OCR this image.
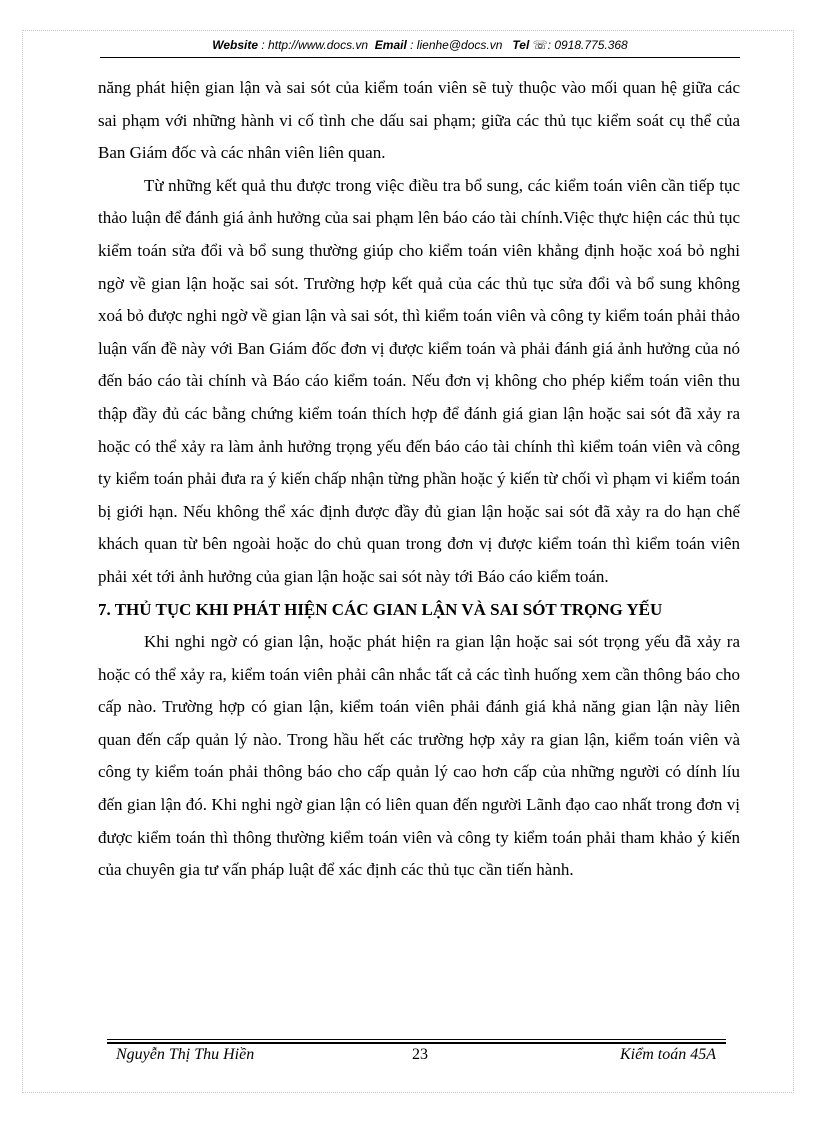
Website : http://www.docs.vn Email : lienhe@docs.vn Tel ☏: 0918.775.368

năng phát hiện gian lận và sai sót của kiểm toán viên sẽ tuỳ thuộc vào mối quan hệ giữa các sai phạm với những hành vi cố tình che dấu sai phạm; giữa các thủ tục kiểm soát cụ thể của Ban Giám đốc và các nhân viên liên quan.

Từ những kết quả thu được trong việc điều tra bổ sung, các kiểm toán viên cần tiếp tục thảo luận để đánh giá ảnh hưởng của sai phạm lên báo cáo tài chính.Việc thực hiện các thủ tục kiểm toán sửa đổi và bổ sung thường giúp cho kiểm toán viên khẳng định hoặc xoá bỏ nghi ngờ về gian lận hoặc sai sót. Trường hợp kết quả của các thủ tục sửa đổi và bổ sung không xoá bỏ được nghi ngờ về gian lận và sai sót, thì kiểm toán viên và công ty kiểm toán phải thảo luận vấn đề này với Ban Giám đốc đơn vị được kiểm toán và phải đánh giá ảnh hưởng của nó đến báo cáo tài chính và Báo cáo kiểm toán. Nếu đơn vị không cho phép kiểm toán viên thu thập đầy đủ các bằng chứng kiểm toán thích hợp để đánh giá gian lận hoặc sai sót đã xảy ra hoặc có thể xảy ra làm ảnh hưởng trọng yếu đến báo cáo tài chính thì kiểm toán viên và công ty kiểm toán phải đưa ra ý kiến chấp nhận từng phần hoặc ý kiến từ chối vì phạm vi kiểm toán bị giới hạn. Nếu không thể xác định được đầy đủ gian lận hoặc sai sót đã xảy ra do hạn chế khách quan từ bên ngoài hoặc do chủ quan trong đơn vị được kiểm toán thì kiểm toán viên phải xét tới ảnh hưởng của gian lận hoặc sai sót này tới Báo cáo kiểm toán.

7. THỦ TỤC KHI PHÁT HIỆN CÁC GIAN LẬN VÀ SAI SÓT TRỌNG YẾU

Khi nghi ngờ có gian lận, hoặc phát hiện ra gian lận hoặc sai sót trọng yếu đã xảy ra hoặc có thể xảy ra, kiểm toán viên phải cân nhắc tất cả các tình huống xem cần thông báo cho cấp nào. Trường hợp có gian lận, kiểm toán viên phải đánh giá khả năng gian lận này liên quan đến cấp quản lý nào. Trong hầu hết các trường hợp xảy ra gian lận, kiểm toán viên và công ty kiểm toán phải thông báo cho cấp quản lý cao hơn cấp của những người có dính líu đến gian lận đó. Khi nghi ngờ gian lận có liên quan đến người Lãnh đạo cao nhất trong đơn vị được kiểm toán thì thông thường kiểm toán viên và công ty kiểm toán phải tham khảo ý kiến của chuyên gia tư vấn pháp luật để xác định các thủ tục cần tiến hành.

Nguyễn Thị Thu Hiền	23	Kiểm toán 45A
